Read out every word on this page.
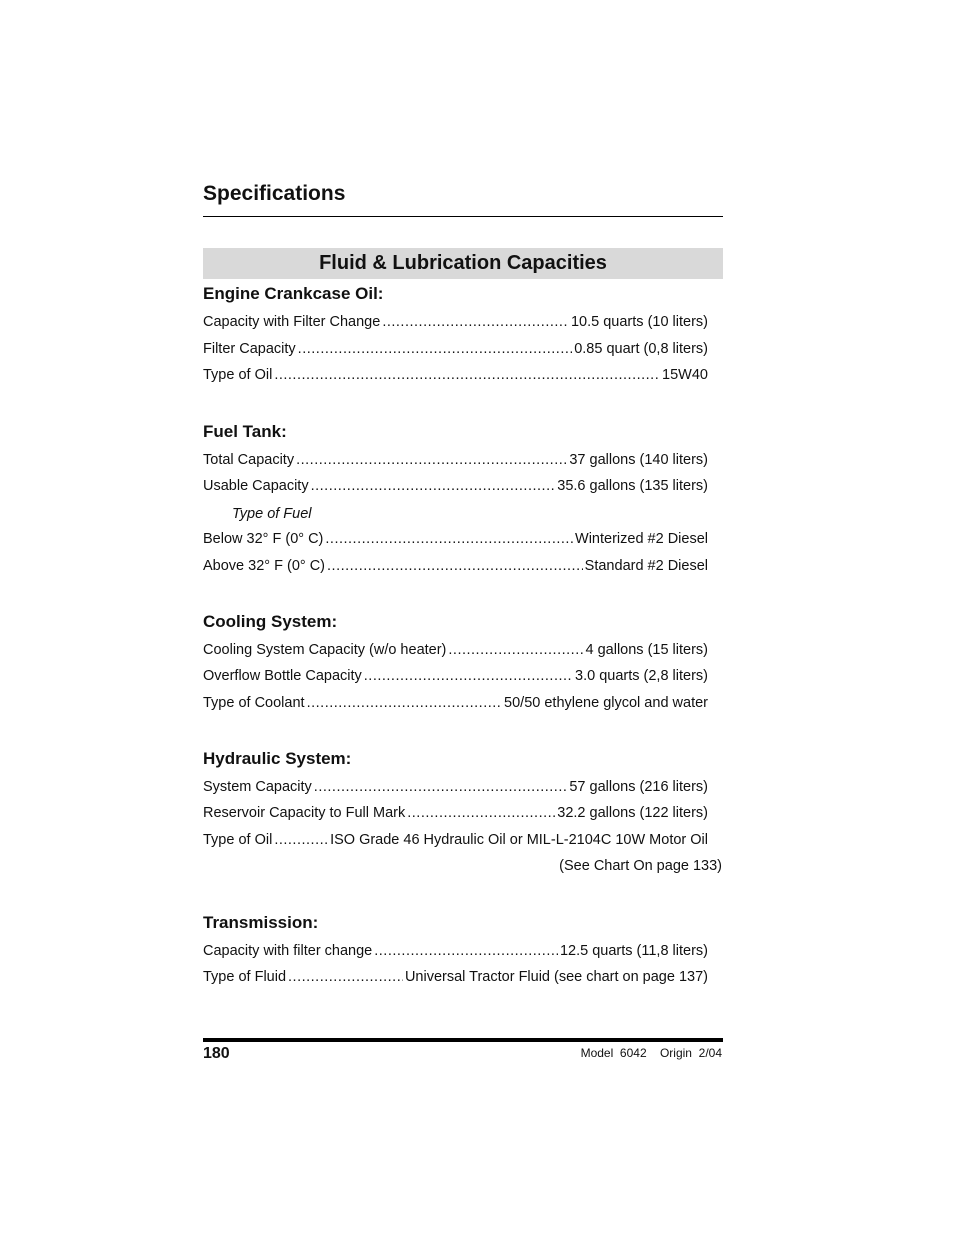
Specifications
Fluid & Lubrication Capacities
Engine Crankcase Oil:
Capacity with Filter Change .....	10.5 quarts (10 liters)
Filter Capacity .....	0.85 quart (0,8 liters)
Type of Oil .....	15W40
Fuel Tank:
Total Capacity .....	37 gallons (140 liters)
Usable Capacity .....	35.6 gallons (135 liters)
Type of Fuel
Below 32° F (0° C) .....	Winterized #2 Diesel
Above 32° F (0° C) .....	Standard #2 Diesel
Cooling System:
Cooling System Capacity (w/o heater) .....	4 gallons (15 liters)
Overflow Bottle Capacity .....	3.0 quarts (2,8 liters)
Type of Coolant .....	50/50 ethylene glycol and water
Hydraulic System:
System Capacity .....	57 gallons (216 liters)
Reservoir Capacity to Full Mark .....	32.2 gallons (122 liters)
Type of Oil .....	ISO Grade 46 Hydraulic Oil or MIL-L-2104C 10W Motor Oil
(See Chart On page 133)
Transmission:
Capacity with filter change .....	12.5 quarts (11,8 liters)
Type of Fluid .....	Universal Tractor Fluid (see chart on page 137)
180	Model  6042    Origin  2/04
